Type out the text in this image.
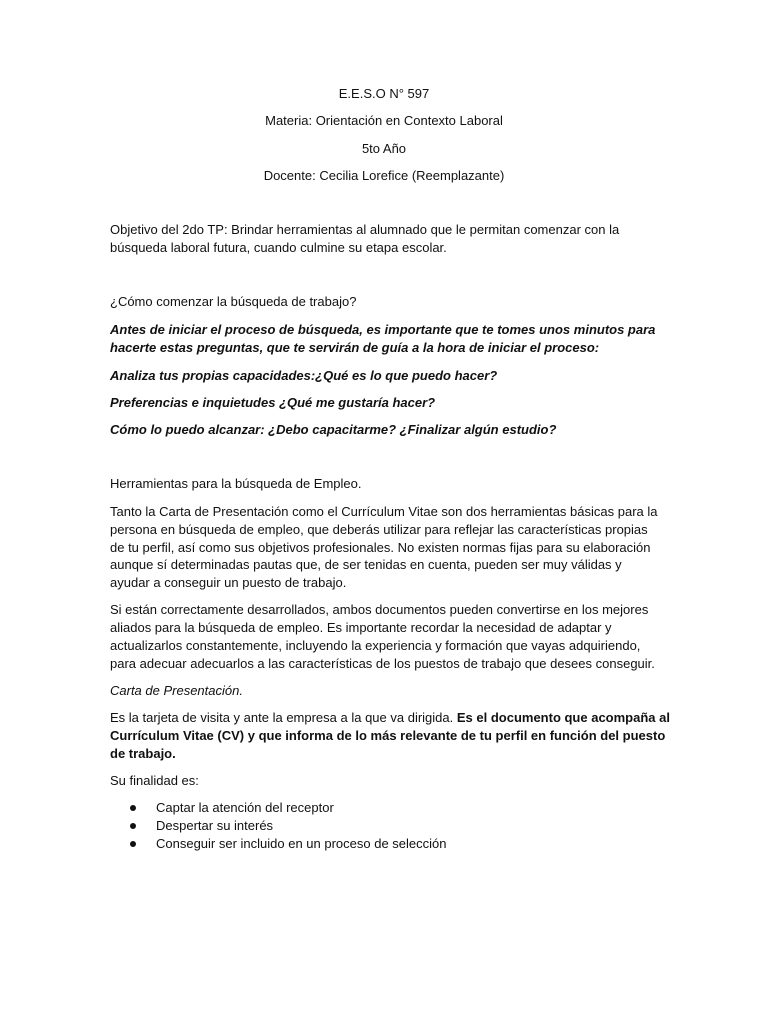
E.E.S.O N° 597
Materia: Orientación en Contexto Laboral
5to Año
Docente: Cecilia Lorefice (Reemplazante)
Objetivo del 2do TP: Brindar herramientas al alumnado que le permitan comenzar con la
búsqueda laboral futura, cuando culmine su etapa escolar.
¿Cómo comenzar la búsqueda de trabajo?
Antes de iniciar el proceso de búsqueda, es importante que te tomes unos minutos para
hacerte estas preguntas, que te servirán de guía a la hora de iniciar el proceso:
Analiza tus propias capacidades:¿Qué es lo que puedo hacer?
Preferencias e inquietudes ¿Qué me gustaría hacer?
Cómo lo puedo alcanzar: ¿Debo capacitarme? ¿Finalizar algún estudio?
Herramientas para la búsqueda de Empleo.
Tanto la Carta de Presentación como el Currículum Vitae son dos herramientas básicas para la
persona en búsqueda de empleo, que deberás utilizar para reflejar las características propias
de tu perfil, así como sus objetivos profesionales. No existen normas fijas para su elaboración
aunque sí determinadas pautas que, de ser tenidas en cuenta, pueden ser muy válidas y
ayudar a conseguir un puesto de trabajo.
Si están correctamente desarrollados, ambos documentos pueden convertirse en los mejores
aliados para la búsqueda de empleo. Es importante recordar la necesidad de adaptar y
actualizarlos constantemente, incluyendo la experiencia y formación que vayas adquiriendo,
para adecuar adecuarlos a las características de los puestos de trabajo que desees conseguir.
Carta de Presentación.
Es la tarjeta de visita y ante la empresa a la que va dirigida. Es el documento que acompaña al
Currículum Vitae (CV) y que informa de lo más relevante de tu perfil en función del puesto
de trabajo.
Su finalidad es:
Captar la atención del receptor
Despertar su interés
Conseguir ser incluido en un proceso de selección
